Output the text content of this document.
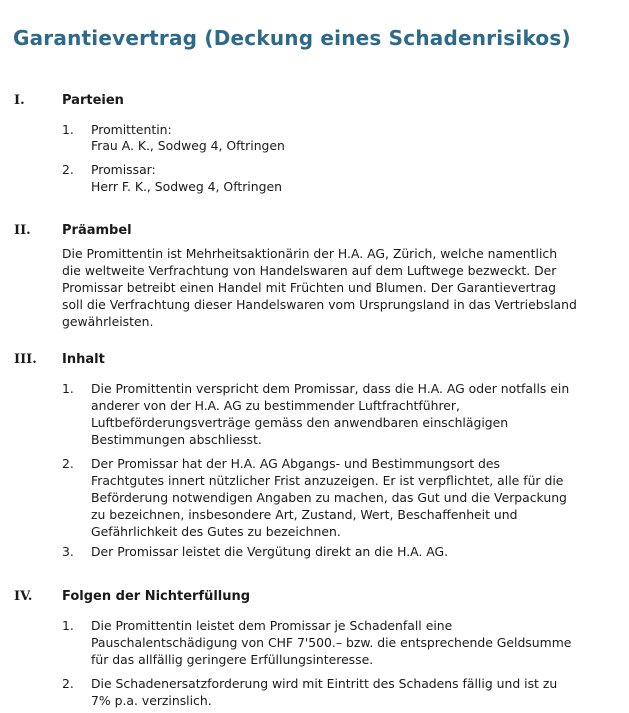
Garantievertrag (Deckung eines Schadenrisikos)
I.	Parteien
1. Promittentin:
Frau A. K., Sodweg 4, Oftringen
2. Promissar:
Herr F. K., Sodweg 4, Oftringen
II. Präambel
Die Promittentin ist Mehrheitsaktionärin der H.A. AG, Zürich, welche namentlich
die weltweite Verfrachtung von Handelswaren auf dem Luftwege bezweckt. Der
Promissar betreibt einen Handel mit Früchten und Blumen. Der Garantievertrag
soll die Verfrachtung dieser Handelswaren vom Ursprungsland in das Vertriebsland
gewährleisten.
III. Inhalt
1. Die Promittentin verspricht dem Promissar, dass die H.A. AG oder notfalls ein
anderer von der H.A. AG zu bestimmender Luftfrachtführer,
Luftbeförderungsverträge gemäss den anwendbaren einschlägigen
Bestimmungen abschliesst.
2. Der Promissar hat der H.A. AG Abgangs- und Bestimmungsort des
Frachtgutes innert nützlicher Frist anzuzeigen. Er ist verpflichtet, alle für die
Beförderung notwendigen Angaben zu machen, das Gut und die Verpackung
zu bezeichnen, insbesondere Art, Zustand, Wert, Beschaffenheit und
Gefährlichkeit des Gutes zu bezeichnen.
3. Der Promissar leistet die Vergütung direkt an die H.A. AG.
IV. Folgen der Nichterfüllung
1. Die Promittentin leistet dem Promissar je Schadenfall eine
Pauschalentschädigung von CHF 7'500.– bzw. die entsprechende Geldsumme
für das allfällig geringere Erfüllungsinteresse.
2. Die Schadenersatzforderung wird mit Eintritt des Schadens fällig und ist zu
7% p.a. verzinslich.
